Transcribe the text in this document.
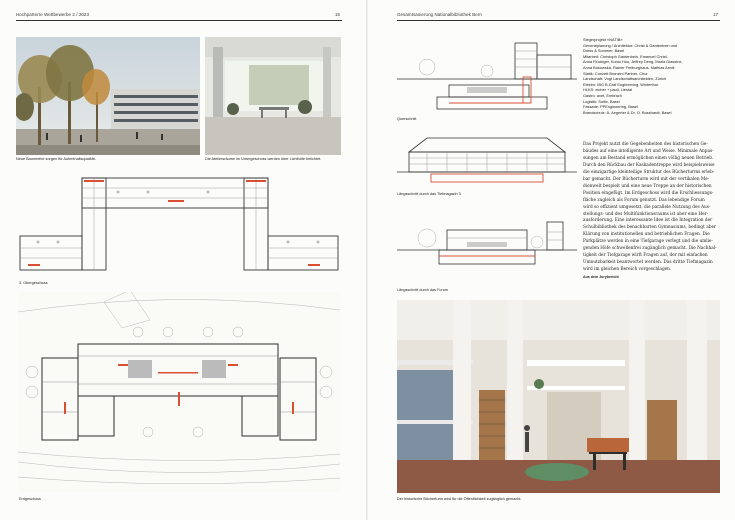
Hochparterre Wettbewerbe 2 / 2023	16
Neue Baumreihe sorgen für Aufenthaltsqualität.	Die Ateliersräume im Untergeschoss werden über Lichthöfe belichtet.
3. Obergeschoss
Erdgeschoss
Gesamtsanierung Nationalbibliothek Bern	17
Querschnitt
Längsschnitt durch das Tiefmagazin 3
Längsschnitt durch das Forum
Siegerprojekt «NATIB»
Generalplanung / Architektur: Christ & Gantenbein und
Dress & Sommer, Basel
Mitarbeit: Christoph Gantenbein, Emanuel Christ,
Anna Flückiger, Kunio Hou, Jeffrey Deng, Maria Giasoine,
Anna Bukowska, Rainer Freiburghaus, Mathias Arndt
Statik: Conzett Bronzini Partner, Chur
Landschaft: Vogt Landschaftsarchitekten, Zürich
Elektro: IBG B.Graf Engineering, Winterthur
HLKS: eicher + pauli, Liestal
Gastro: axet, Embrach
Logistik: Soitic, Basel
Fassade: PPEngineering, Basel
Brandschutz: A. Aegerter & Dr. O. Bosshardt, Basel
Das Projekt nutzt die Gegebenheiten des historischen Ge-
bäudes auf eine intelligente Art und Weise. Minimale Anpas-
sungen am Bestand ermöglichen einen völlig neuen Betrieb.
Durch den Rückbau der Kaskadentreppe wird beispielsweise
die einzigartige kleinteilige Struktur des Bücherturms erleb-
bar gemacht. Der Bücherturm wird mit der vertikalen Me-
dienwelt bespielt und eine neue Treppe an der historischen
Position eingefügt. Im Erdgeschoss wird die Erschliessungs-
fläche zugleich als Forum genutzt. Das lebendige Forum
wird so effizient umgesetzt, die parallele Nutzung des Aus-
stellungs- und des Multifunktionsraums ist aber eine Her-
ausforderung. Eine interessante Idee ist die Integration der
Schulbibliothek des benachbarten Gymnasiums, bedingt aber
Klärung von institutionellen und betrieblichen Fragen. Die
Parkplätze werden in eine Tiefgarage verlegt und die umlie-
genden Höfe schwellenfrei zugänglich gemacht. Die Nachhal-
tigkeit der Tiefgarage wirft Fragen auf, der mit einfachen
Umnutzbarkeit beantwortet werden. Das dritte Tiefmagazin
wird im gleichen Bereich vorgeschlagen.
Aus dem Jurybericht
Der historische Bücherturm wird für die Öffentlichkeit zugänglich gemacht.
